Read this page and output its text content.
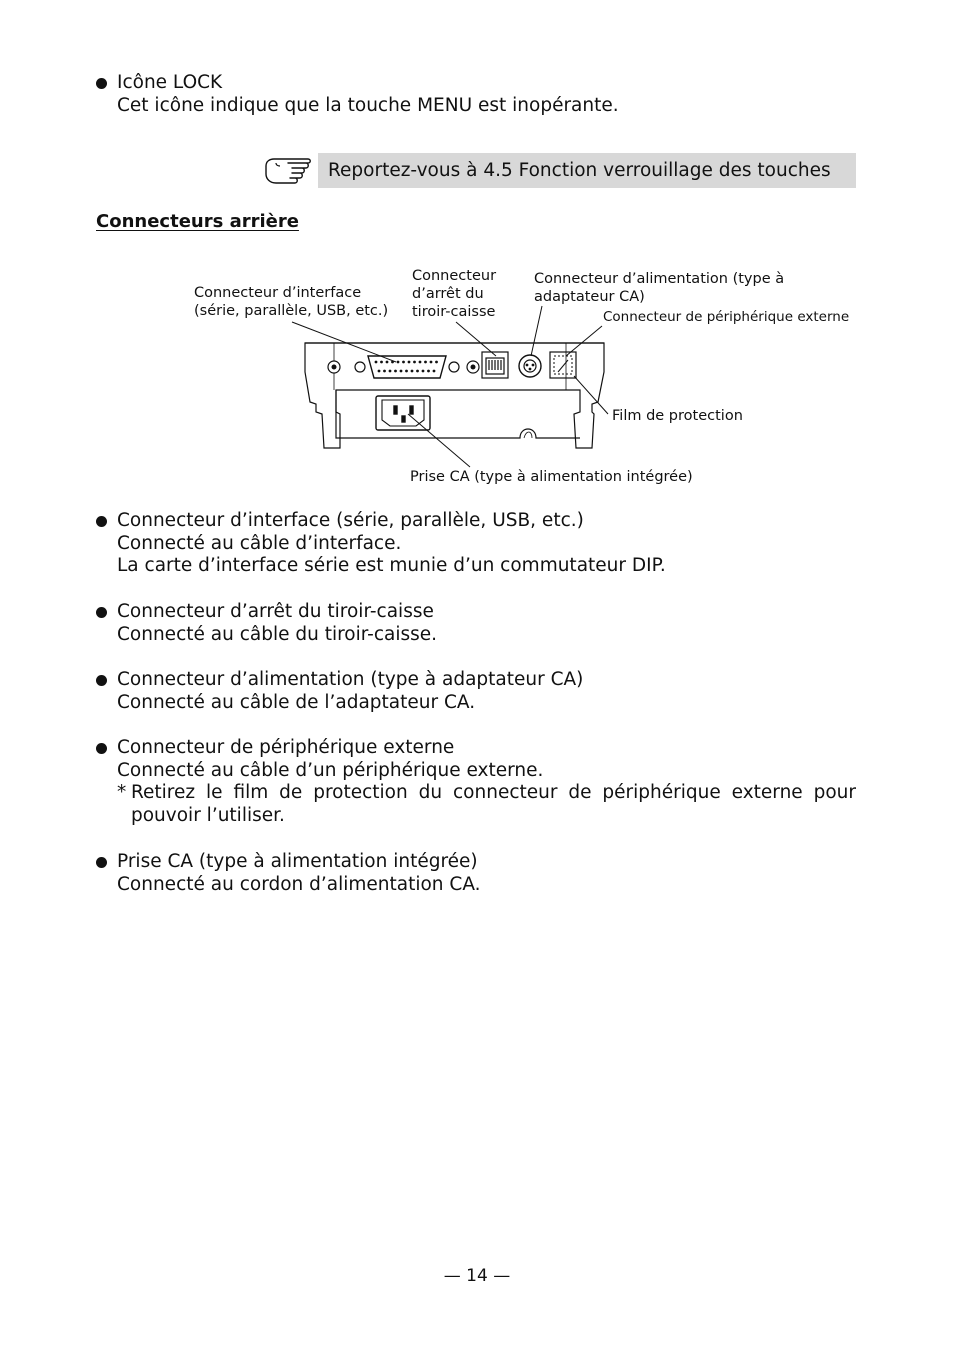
Icône LOCK
Cet icône indique que la touche MENU est inopérante.
Reportez-vous à 4.5 Fonction verrouillage des touches
Connecteurs arrière
Connecteur d’interface
(série, parallèle, USB, etc.)
Connecteur
d’arrêt du
tiroir-caisse
Connecteur d’alimentation (type à
adaptateur CA)
Connecteur de périphérique externe
Film de protection
Prise CA (type à alimentation intégrée)
Connecteur d’interface (série, parallèle, USB, etc.)
Connecté au câble d’interface.
La carte d’interface série est munie d’un commutateur DIP.
Connecteur d’arrêt du tiroir-caisse
Connecté au câble du tiroir-caisse.
Connecteur d’alimentation (type à adaptateur CA)
Connecté au câble de l’adaptateur CA.
Connecteur de périphérique externe
Connecté au câble d’un périphérique externe.
* Retirez le film de protection du connecteur de périphérique externe pour
pouvoir l’utiliser.
Prise CA (type à alimentation intégrée)
Connecté au cordon d’alimentation CA.
— 14 —
